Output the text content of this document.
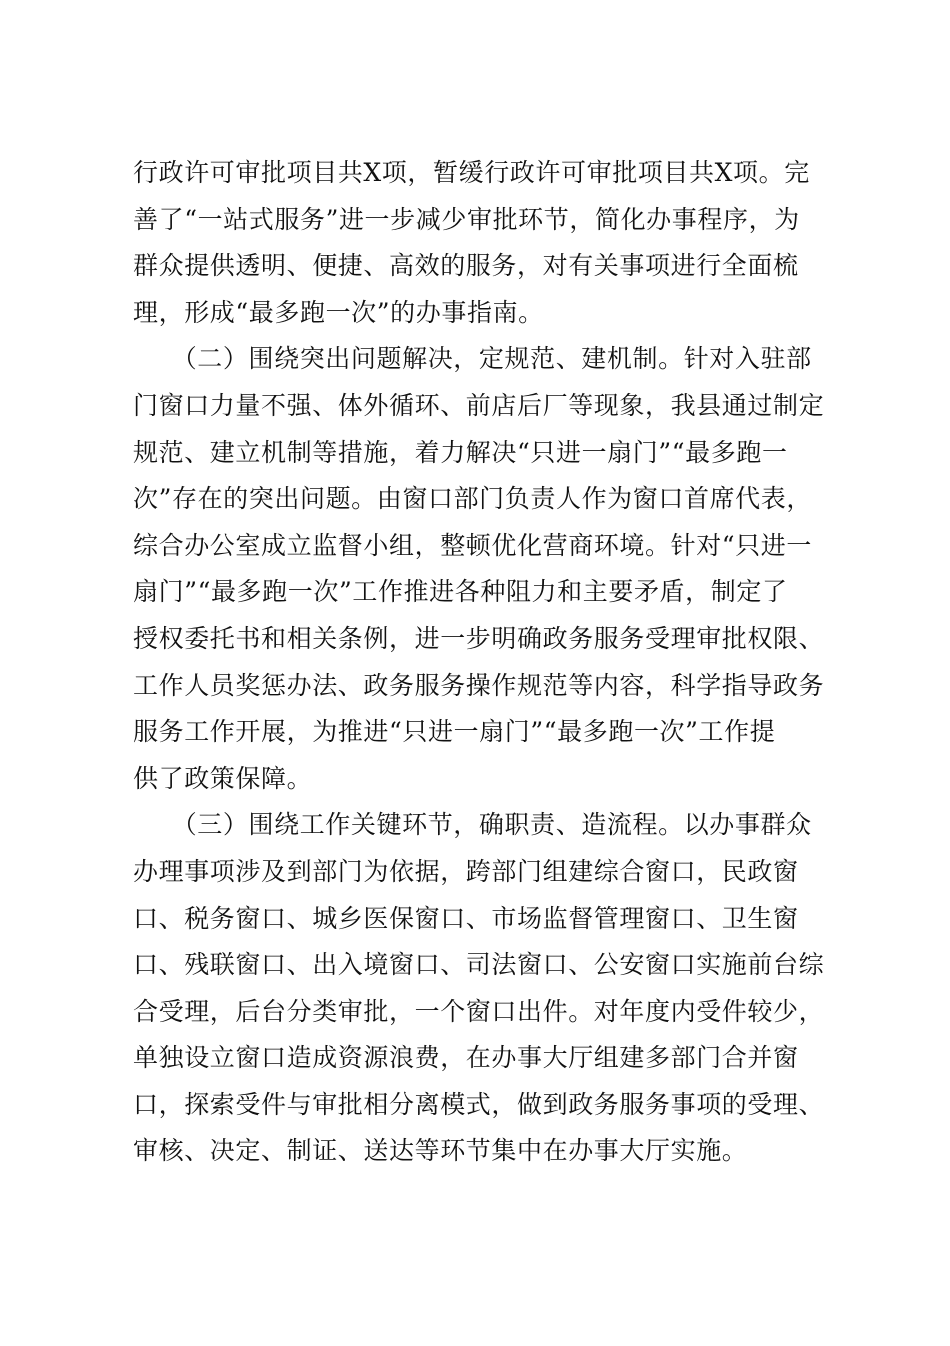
行政许可审批项目共X项，暂缓行政许可审批项目共X项。完
善了“一站式服务”进一步减少审批环节，简化办事程序，为
群众提供透明、便捷、高效的服务，对有关事项进行全面梳
理，形成“最多跑一次”的办事指南。
　　（二）围绕突出问题解决，定规范、建机制。针对入驻部
门窗口力量不强、体外循环、前店后厂等现象，我县通过制定
规范、建立机制等措施，着力解决“只进一扇门”“最多跑一
次”存在的突出问题。由窗口部门负责人作为窗口首席代表，
综合办公室成立监督小组，整顿优化营商环境。针对“只进一
扇门”“最多跑一次”工作推进各种阻力和主要矛盾，制定了
授权委托书和相关条例，进一步明确政务服务受理审批权限、
工作人员奖惩办法、政务服务操作规范等内容，科学指导政务
服务工作开展，为推进“只进一扇门”“最多跑一次”工作提
供了政策保障。
　　（三）围绕工作关键环节，确职责、造流程。以办事群众
办理事项涉及到部门为依据，跨部门组建综合窗口，民政窗
口、税务窗口、城乡医保窗口、市场监督管理窗口、卫生窗
口、残联窗口、出入境窗口、司法窗口、公安窗口实施前台综
合受理，后台分类审批，一个窗口出件。对年度内受件较少，
单独设立窗口造成资源浪费，在办事大厅组建多部门合并窗
口，探索受件与审批相分离模式，做到政务服务事项的受理、
审核、决定、制证、送达等环节集中在办事大厅实施。
